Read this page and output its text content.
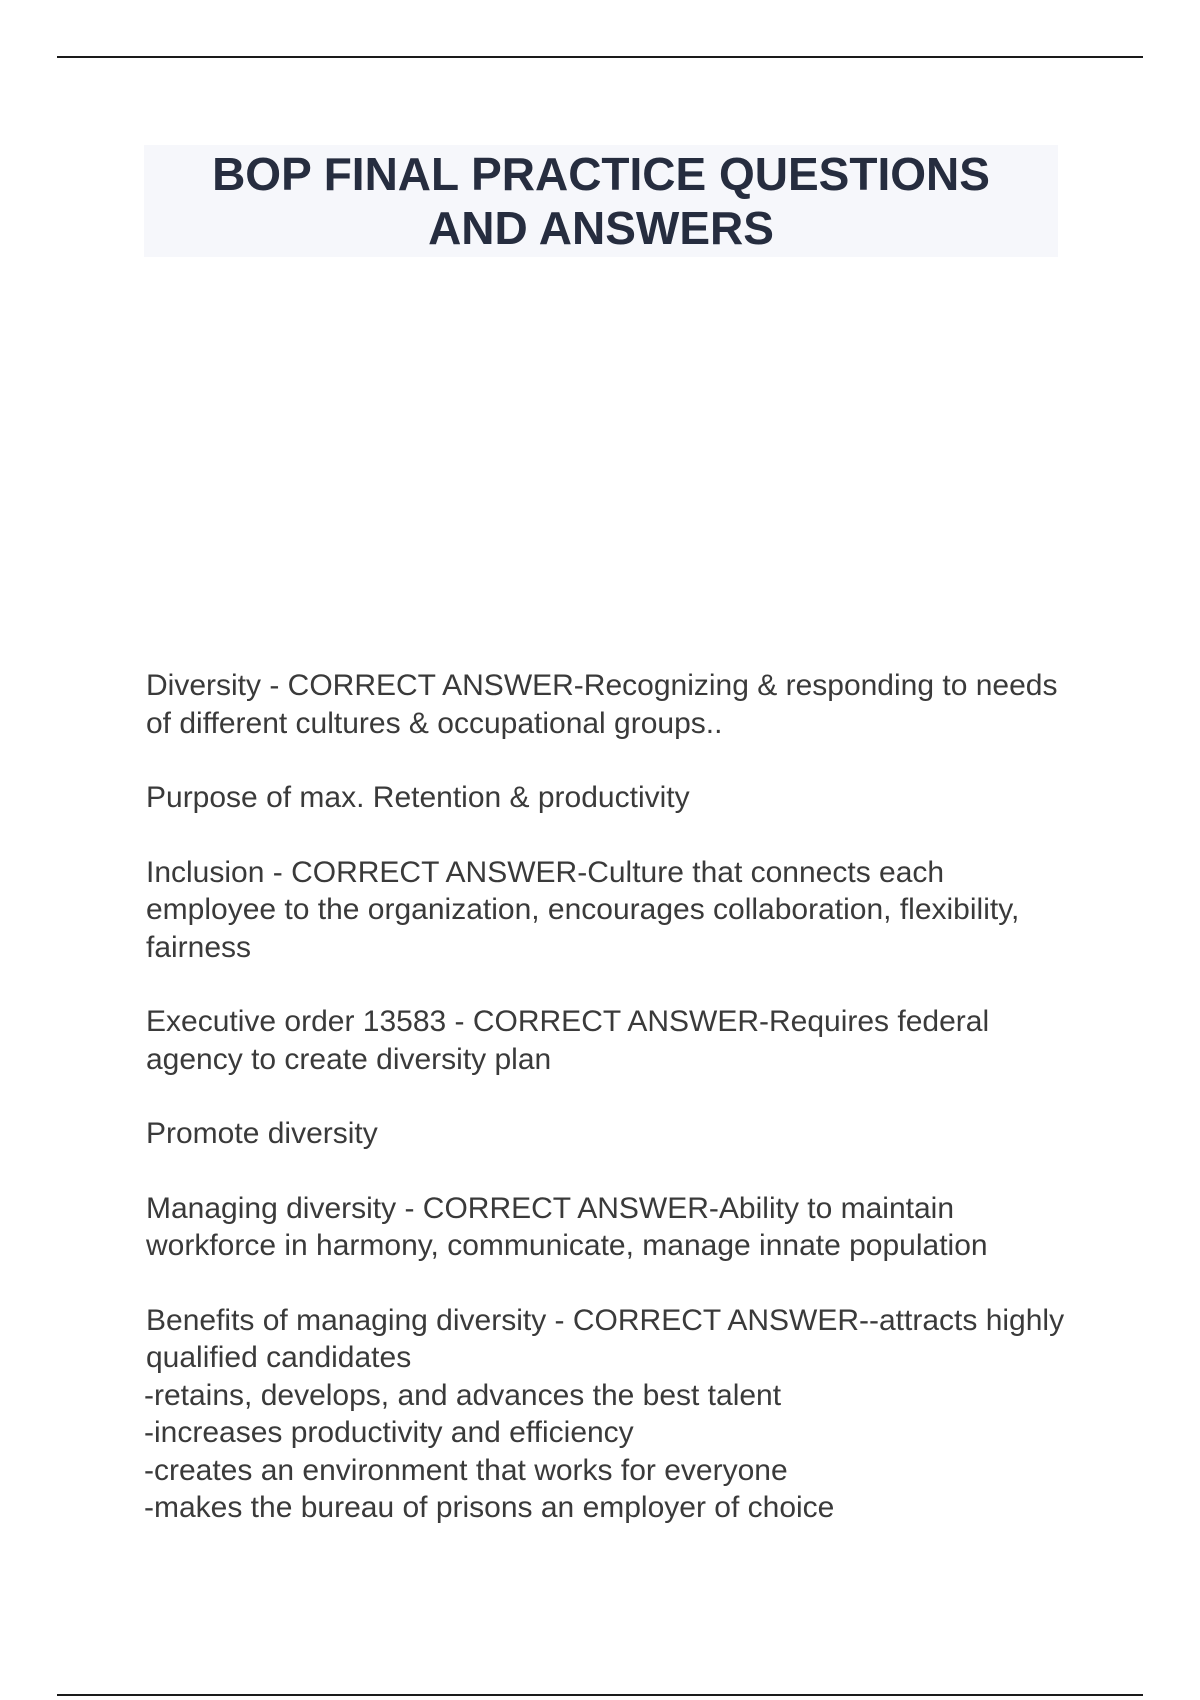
BOP FINAL PRACTICE QUESTIONS AND ANSWERS

Diversity - CORRECT ANSWER-Recognizing & responding to needs of different cultures & occupational groups..

Purpose of max. Retention & productivity

Inclusion - CORRECT ANSWER-Culture that connects each employee to the organization, encourages collaboration, flexibility, fairness

Executive order 13583 - CORRECT ANSWER-Requires federal agency to create diversity plan

Promote diversity

Managing diversity - CORRECT ANSWER-Ability to maintain workforce in harmony, communicate, manage innate population

Benefits of managing diversity - CORRECT ANSWER--attracts highly qualified candidates

-retains, develops, and advances the best talent
-increases productivity and efficiency
-creates an environment that works for everyone
-makes the bureau of prisons an employer of choice
